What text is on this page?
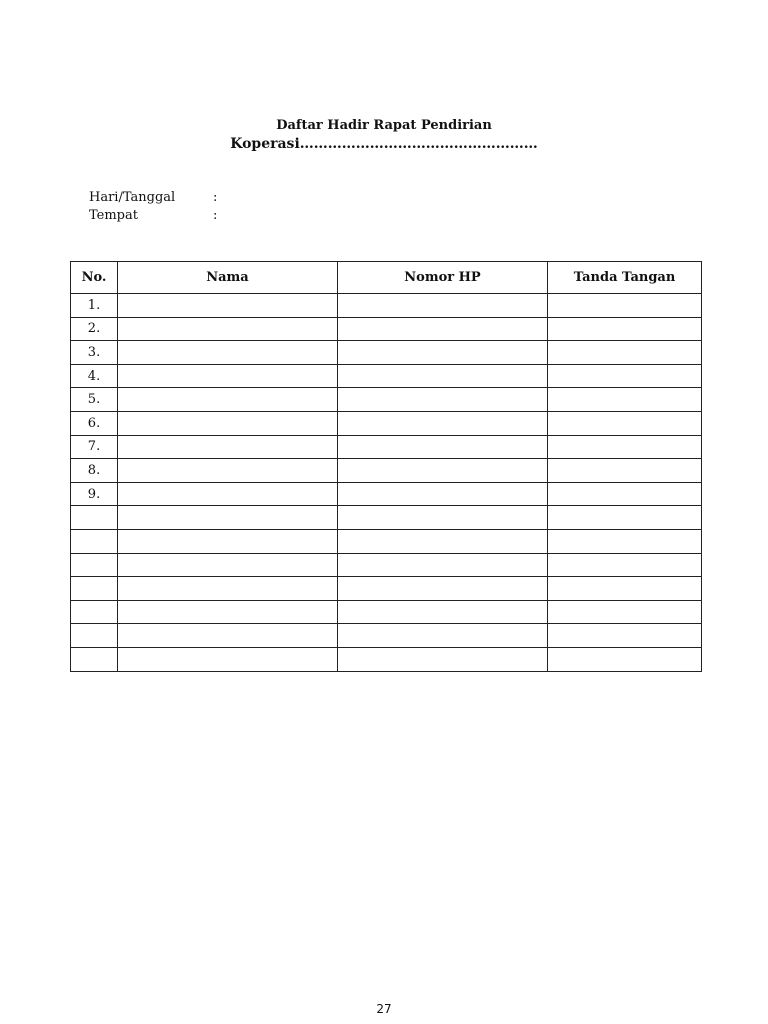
Daftar Hadir Rapat Pendirian
Koperasi……………………………………………
Hari/Tanggal	:
Tempat	:
No.	Nama	Nomor HP	Tanda Tangan
1.			
2.			
3.			
4.			
5.			
6.			
7.			
8.			
9.			

27
